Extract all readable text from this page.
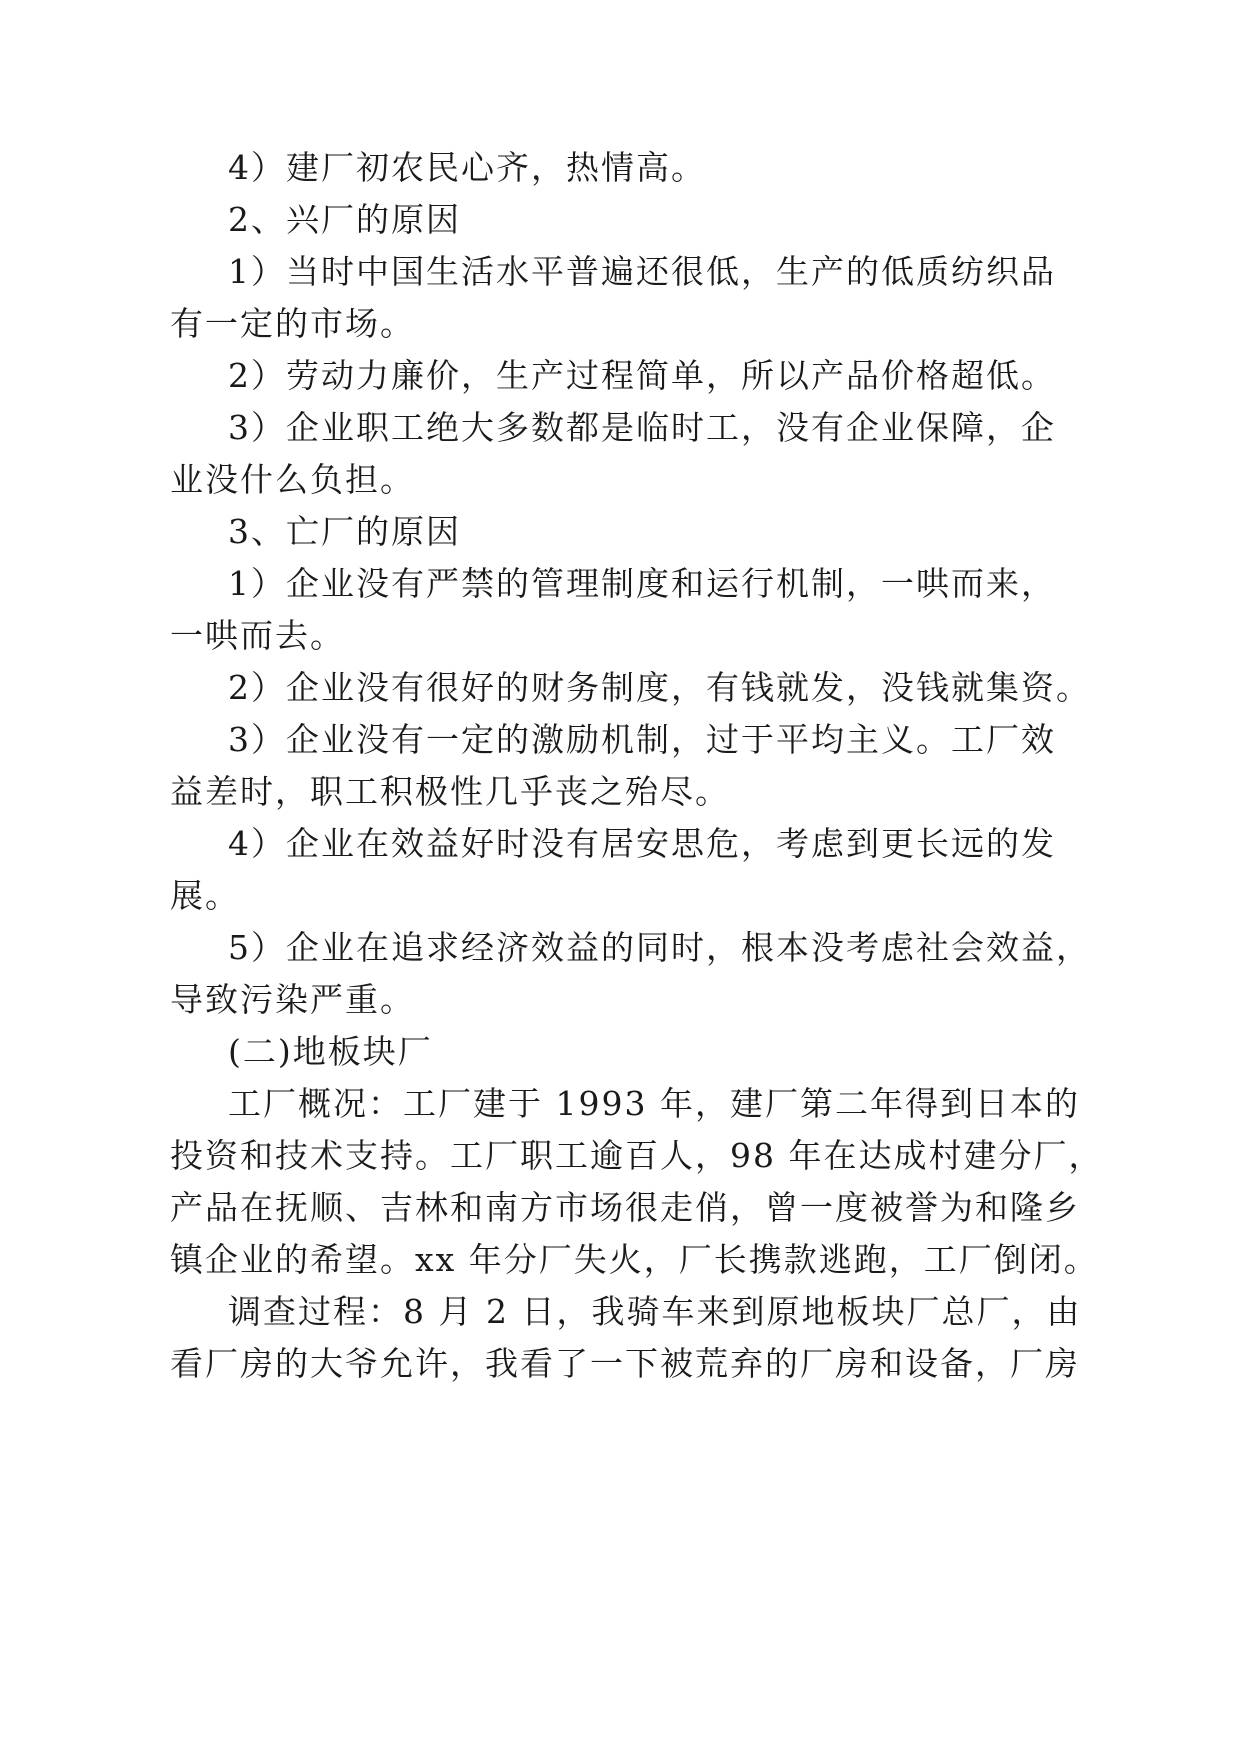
4）建厂初农民心齐，热情高。
2、兴厂的原因
1）当时中国生活水平普遍还很低，生产的低质纺织品
有一定的市场。
2）劳动力廉价，生产过程简单，所以产品价格超低。
3）企业职工绝大多数都是临时工，没有企业保障，企
业没什么负担。
3、亡厂的原因
1）企业没有严禁的管理制度和运行机制，一哄而来，
一哄而去。
2）企业没有很好的财务制度，有钱就发，没钱就集资。
3）企业没有一定的激励机制，过于平均主义。工厂效
益差时，职工积极性几乎丧之殆尽。
4）企业在效益好时没有居安思危，考虑到更长远的发
展。
5）企业在追求经济效益的同时，根本没考虑社会效益，
导致污染严重。
(二)地板块厂
工厂概况：工厂建于 1993 年，建厂第二年得到日本的
投资和技术支持。工厂职工逾百人，98 年在达成村建分厂，
产品在抚顺、吉林和南方市场很走俏，曾一度被誉为和隆乡
镇企业的希望。xx 年分厂失火，厂长携款逃跑，工厂倒闭。
调查过程：8 月 2 日，我骑车来到原地板块厂总厂，由
看厂房的大爷允许，我看了一下被荒弃的厂房和设备，厂房
